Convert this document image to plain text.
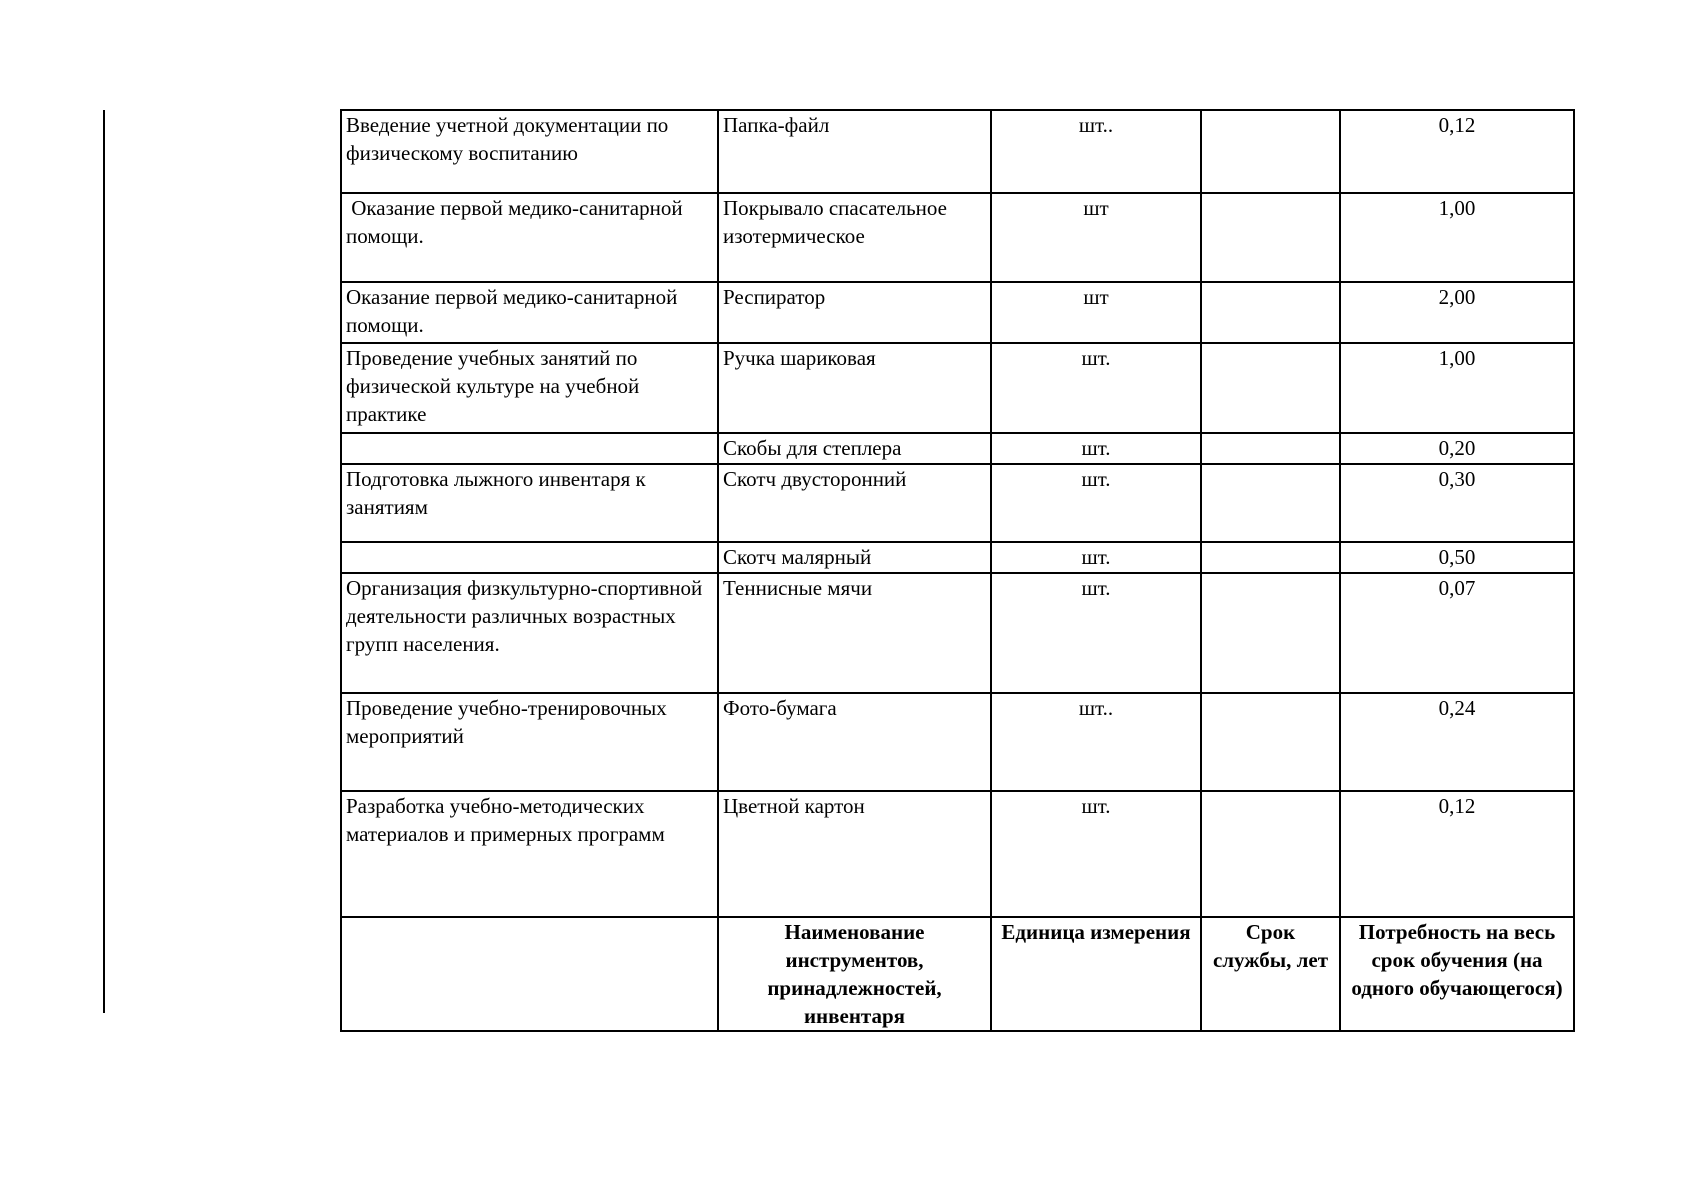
Введение учетной документации по физическому воспитанию	Папка-файл	шт..		0,12
Оказание первой медико-санитарной помощи.	Покрывало спасательное изотермическое	шт		1,00
Оказание первой медико-санитарной помощи.	Респиратор	шт		2,00
Проведение учебных занятий по физической культуре на учебной практике	Ручка шариковая	шт.		1,00
	Скобы для степлера	шт.		0,20
Подготовка лыжного инвентаря к занятиям	Скотч двусторонний	шт.		0,30
	Скотч малярный	шт.		0,50
Организация физкультурно-спортивной деятельности различных возрастных групп населения.	Теннисные мячи	шт.		0,07
Проведение учебно-тренировочных мероприятий	Фото-бумага	шт..		0,24
Разработка учебно-методических материалов и примерных программ	Цветной картон	шт.		0,12
	Наименование инструментов, принадлежностей, инвентаря	Единица измерения	Срок службы, лет	Потребность на весь срок обучения (на одного обучающегося)
